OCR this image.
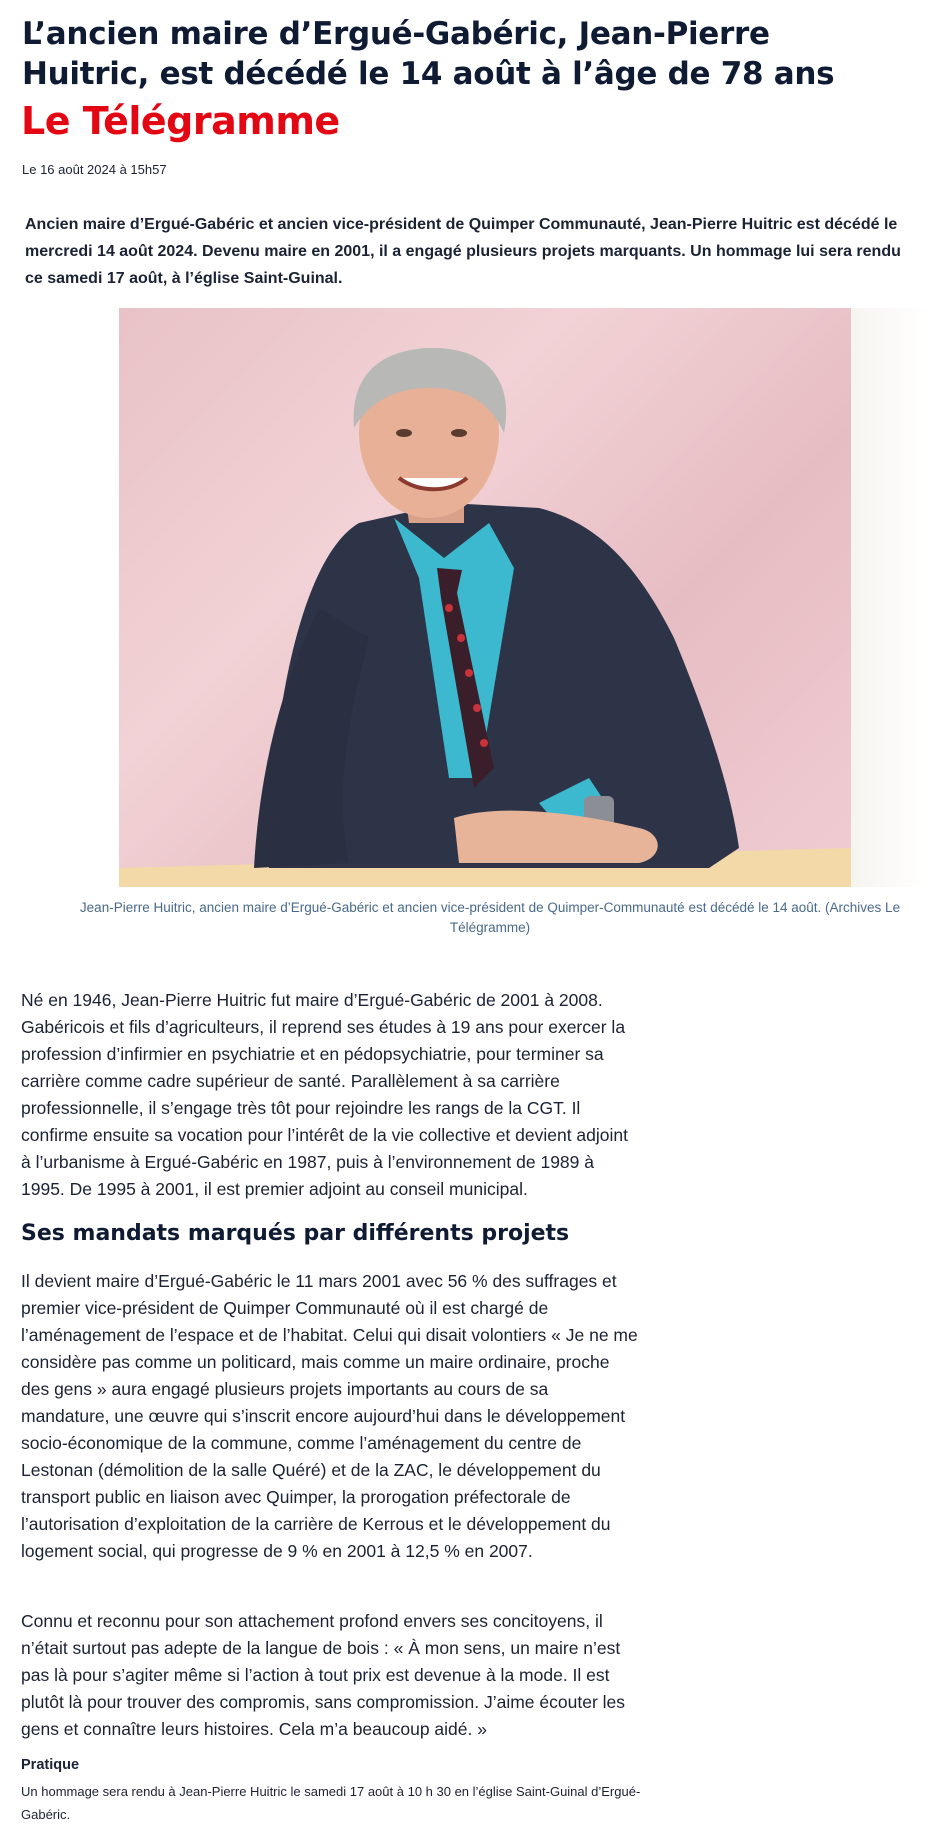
L’ancien maire d’Ergué-Gabéric, Jean-Pierre Huitric, est décédé le 14 août à l’âge de 78 ans
Le Télégramme
Le 16 août 2024 à 15h57

Ancien maire d’Ergué-Gabéric et ancien vice-président de Quimper Communauté, Jean-Pierre Huitric est décédé le mercredi 14 août 2024. Devenu maire en 2001, il a engagé plusieurs projets marquants. Un hommage lui sera rendu ce samedi 17 août, à l’église Saint-Guinal.

Jean-Pierre Huitric, ancien maire d’Ergué-Gabéric et ancien vice-président de Quimper-Communauté est décédé le 14 août. (Archives Le Télégramme)

Né en 1946, Jean-Pierre Huitric fut maire d’Ergué-Gabéric de 2001 à 2008. Gabéricois et fils d’agriculteurs, il reprend ses études à 19 ans pour exercer la profession d’infirmier en psychiatrie et en pédopsychiatrie, pour terminer sa carrière comme cadre supérieur de santé. Parallèlement à sa carrière professionnelle, il s’engage très tôt pour rejoindre les rangs de la CGT. Il confirme ensuite sa vocation pour l’intérêt de la vie collective et devient adjoint à l’urbanisme à Ergué-Gabéric en 1987, puis à l’environnement de 1989 à 1995. De 1995 à 2001, il est premier adjoint au conseil municipal.

Ses mandats marqués par différents projets

Il devient maire d’Ergué-Gabéric le 11 mars 2001 avec 56 % des suffrages et premier vice-président de Quimper Communauté où il est chargé de l’aménagement de l’espace et de l’habitat. Celui qui disait volontiers « Je ne me considère pas comme un politicard, mais comme un maire ordinaire, proche des gens » aura engagé plusieurs projets importants au cours de sa mandature, une œuvre qui s’inscrit encore aujourd’hui dans le développement socio-économique de la commune, comme l’aménagement du centre de Lestonan (démolition de la salle Quéré) et de la ZAC, le développement du transport public en liaison avec Quimper, la prorogation préfectorale de l’autorisation d’exploitation de la carrière de Kerrous et le développement du logement social, qui progresse de 9 % en 2001 à 12,5 % en 2007.

Connu et reconnu pour son attachement profond envers ses concitoyens, il n’était surtout pas adepte de la langue de bois : « À mon sens, un maire n’est pas là pour s’agiter même si l’action à tout prix est devenue à la mode. Il est plutôt là pour trouver des compromis, sans compromission. J’aime écouter les gens et connaître leurs histoires. Cela m’a beaucoup aidé. »

Pratique
Un hommage sera rendu à Jean-Pierre Huitric le samedi 17 août à 10 h 30 en l’église Saint-Guinal d’Ergué-Gabéric.
